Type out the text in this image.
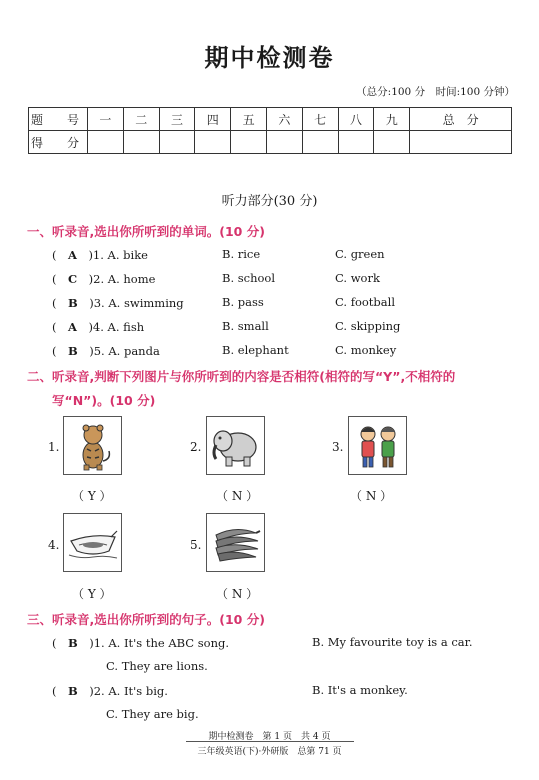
期中检测卷
（总分:100 分　时间:100 分钟）
题　号	一	二	三	四	五	六	七	八	九	总　分
得　分										
听力部分(30 分)
一、听录音,选出你所听到的单词。(10 分)
(　A　 )1. A. bike	B. rice	C. green
(　C　 )2. A. home	B. school	C. work
(　B　 )3. A. swimming	B. pass	C. football
(　A　 )4. A. fish	B. small	C. skipping
(　B　 )5. A. panda	B. elephant	C. monkey
二、听录音,判断下列图片与你所听到的内容是否相符(相符的写“Y”,不相符的
写“N”)。(10 分)
1.
（ Y ）
2.
（ N ）
3.
（ N ）
4.
（ Y ）
5.
（ N ）
三、听录音,选出你所听到的句子。(10 分)
(　B　 )1. A. It's the ABC song.	B. My favourite toy is a car.
C. They are lions.
(　B　 )2. A. It's big.	B. It's a monkey.
C. They are big.
期中检测卷　第 1 页　共 4 页
三年级英语(下)·外研版　总第 71 页
